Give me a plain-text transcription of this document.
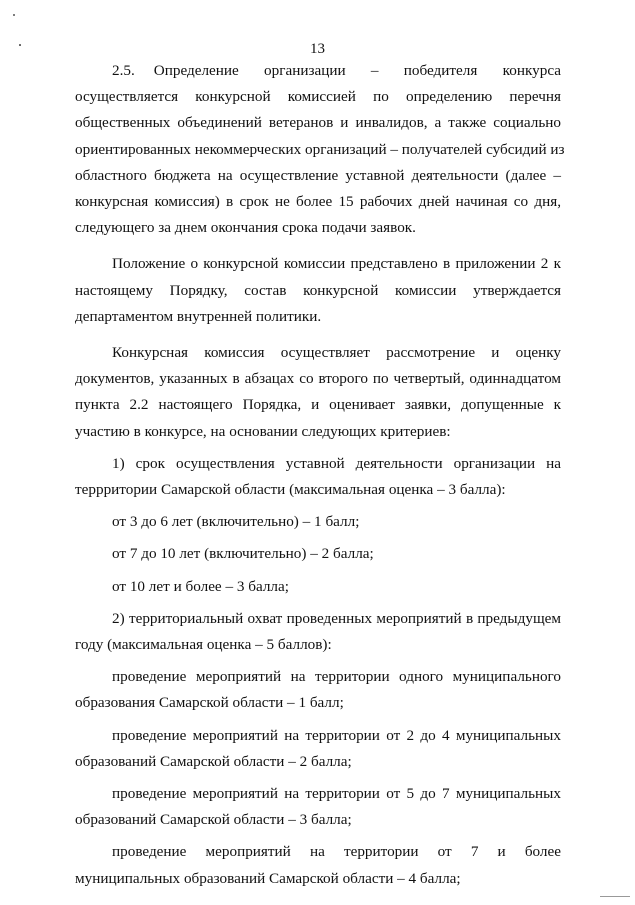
13
2.5.   Определение    организации    –    победителя    конкурса
осуществляется конкурсной комиссией по определению перечня
общественных объединений ветеранов и инвалидов, а также социально
ориентированных некоммерческих организаций – получателей субсидий из
областного бюджета на осуществление уставной деятельности (далее –
конкурсная комиссия) в срок не более 15 рабочих дней начиная со дня,
следующего за днем окончания срока подачи заявок.
Положение о конкурсной комиссии представлено в приложении 2 к
настоящему Порядку, состав конкурсной комиссии утверждается
департаментом внутренней политики.
Конкурсная комиссия осуществляет рассмотрение и оценку
документов, указанных в абзацах со второго по четвертый, одиннадцатом
пункта 2.2 настоящего Порядка, и оценивает заявки, допущенные к
участию в конкурсе, на основании следующих критериев:
1) срок осуществления уставной деятельности организации на
террритории Самарской области (максимальная оценка – 3 балла):
от 3 до 6 лет (включительно) – 1 балл;
от 7 до 10 лет (включительно) – 2 балла;
от 10 лет и более – 3 балла;
2) территориальный охват проведенных мероприятий в предыдущем
году (максимальная оценка – 5 баллов):
проведение мероприятий на территории одного муниципального
образования Самарской области – 1 балл;
проведение мероприятий на территории от 2 до 4 муниципальных
образований Самарской области – 2 балла;
проведение мероприятий на территории от 5 до 7 муниципальных
образований Самарской области – 3 балла;
проведение мероприятий на территории от 7 и более
муниципальных образований Самарской области – 4 балла;
